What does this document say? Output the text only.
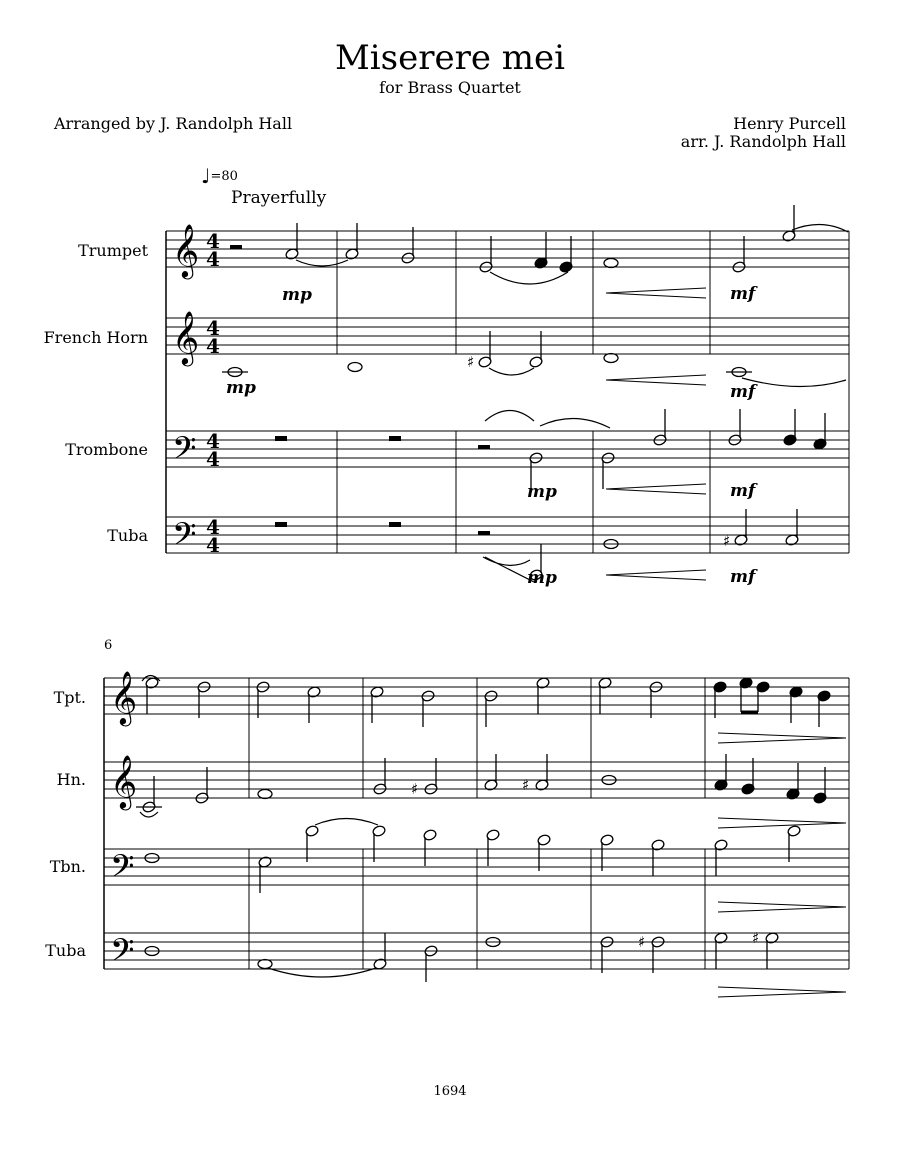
Miserere mei
for Brass Quartet
Arranged by J. Randolph Hall	Henry Purcell
arr. J. Randolph Hall
♩=80
Prayerfully
Trumpet
French Horn
Trombone
Tuba
Tpt.
Hn.
Tbn.
Tuba
6
1694
𝄞
𝄞
𝄢
𝄢
𝄞
𝄞
𝄢
𝄢
4
4
4
4
4
4
4
4
♯
♯
♯	♯
♯	♯
mp
mp
mp
mp
mf
mf
mf
mf
